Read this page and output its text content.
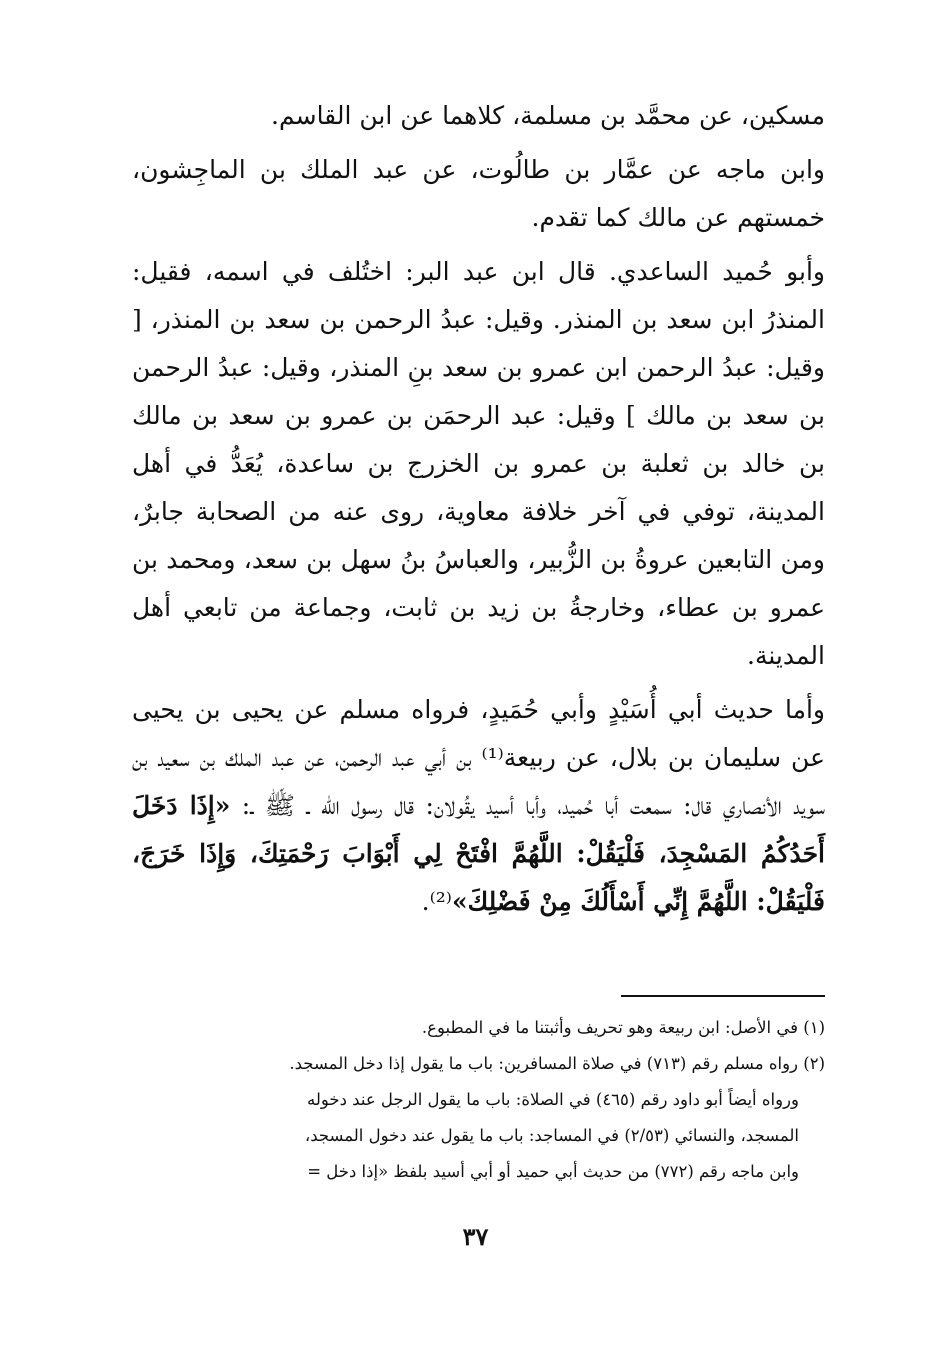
مسكين، عن محمَّد بن مسلمة، كلاهما عن ابن القاسم.

وابن ماجه عن عمَّار بن طالُوت، عن عبد الملك بن الماجِشون، خمستهم عن مالك كما تقدم.

وأبو حُميد الساعدي. قال ابن عبد البر: اختُلف في اسمه، فقيل: المنذرُ ابن سعد بن المنذر. وقيل: عبدُ الرحمن بن سعد بن المنذر، [ وقيل: عبدُ الرحمن ابن عمرو بن سعد بنِ المنذر، وقيل: عبدُ الرحمن بن سعد بن مالك ] وقيل: عبد الرحمَن بن عمرو بن سعد بن مالك بن خالد بن ثعلبة بن عمرو بن الخزرج بن ساعدة، يُعَدُّ في أهل المدينة، توفي في آخر خلافة معاوية، روى عنه من الصحابة جابرٌ، ومن التابعين عروةُ بن الزُّبير، والعباسُ بنُ سهل بن سعد، ومحمد بن عمرو بن عطاء، وخارجةُ بن زيد بن ثابت، وجماعة من تابعي أهل المدينة.

وأما حديث أبي أُسَيْدٍ وأبي حُمَيدٍ، فرواه مسلم عن يحيى بن يحيى عن سليمان بن بلال، عن ربيعة⁽¹⁾ بن أبي عبد الرحمن، عن عبد الملك بن سعيد بن سويد الأنصاري قال: سمعت أبا حُميد، وأبا أسيد يقُولان: قال رسول الله ـ ﷺ ـ: «إِذَا دَخَلَ أَحَدُكُمُ المَسْجِدَ، فَلْيَقُلْ: اللَّهُمَّ افْتَحْ لِي أَبْوَابَ رَحْمَتِكَ، وَإِذَا خَرَجَ، فَلْيَقُلْ: اللَّهُمَّ إِنِّي أَسْأَلُكَ مِنْ فَضْلِكَ»⁽²⁾.

(١) في الأصل: ابن ربيعة وهو تحريف وأثبتنا ما في المطبوع.

(٢) رواه مسلم رقم (٧١٣) في صلاة المسافرين: باب ما يقول إذا دخل المسجد.

ورواه أيضاً أبو داود رقم (٤٦٥) في الصلاة: باب ما يقول الرجل عند دخوله

المسجد، والنسائي (٢/٥٣) في المساجد: باب ما يقول عند دخول المسجد،

وابن ماجه رقم (٧٧٢) من حديث أبي حميد أو أبي أسيد بلفظ «إذا دخل =

٣٧
